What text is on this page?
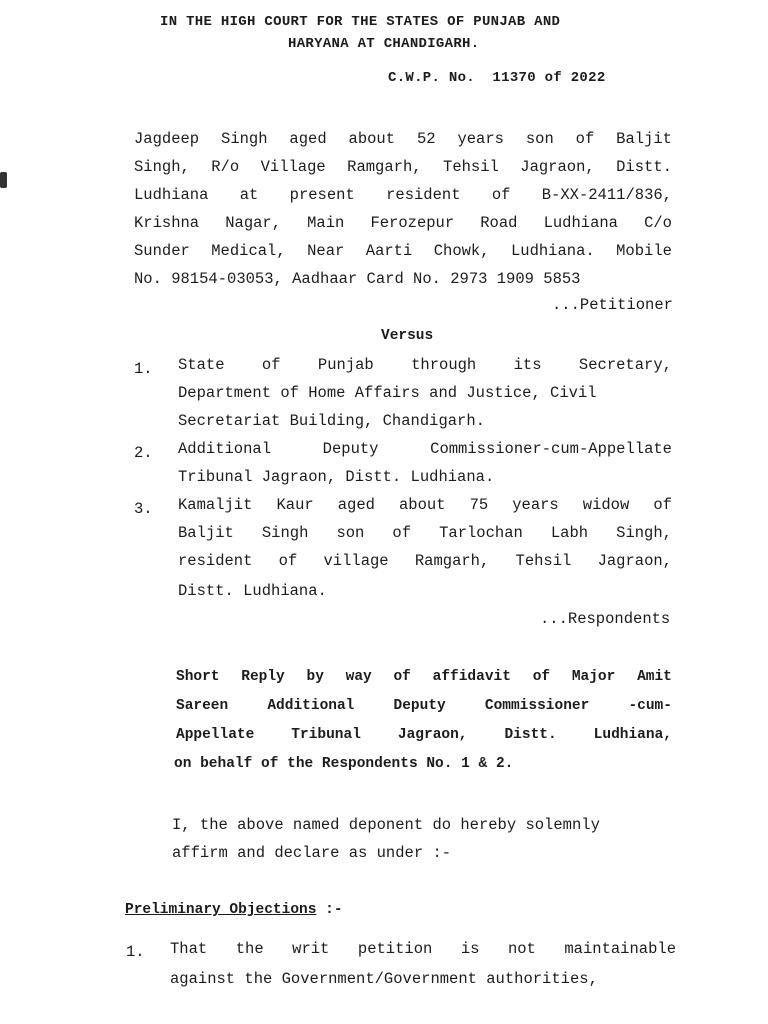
IN THE HIGH COURT FOR THE STATES OF PUNJAB AND
HARYANA AT CHANDIGARH.
C.W.P. No. 11370 of 2022
Jagdeep Singh aged about 52 years son of Baljit
Singh, R/o Village Ramgarh, Tehsil Jagraon, Distt.
Ludhiana at present resident of B-XX-2411/836,
Krishna Nagar, Main Ferozepur Road Ludhiana C/o
Sunder Medical, Near Aarti Chowk, Ludhiana. Mobile
No. 98154-03053, Aadhaar Card No. 2973 1909 5853
...Petitioner
Versus
1. State of Punjab through its Secretary,
Department of Home Affairs and Justice, Civil
Secretariat Building, Chandigarh.
2. Additional	Deputy	Commissioner-cum-Appellate
Tribunal Jagraon, Distt. Ludhiana.
3. Kamaljit Kaur aged about 75 years widow of
Baljit Singh son of Tarlochan Labh Singh,
resident of village Ramgarh, Tehsil Jagraon,
Distt. Ludhiana.
...Respondents
Short Reply by way of affidavit of Major Amit
Sareen	Additional	Deputy	Commissioner	-cum-
Appellate	Tribunal	Jagraon,	Distt.	Ludhiana,
on behalf of the Respondents No. 1 & 2.
I, the above named deponent do hereby solemnly
affirm and declare as under :-
Preliminary Objections :-
1. That the writ petition is not maintainable
against the Government/Government authorities,
